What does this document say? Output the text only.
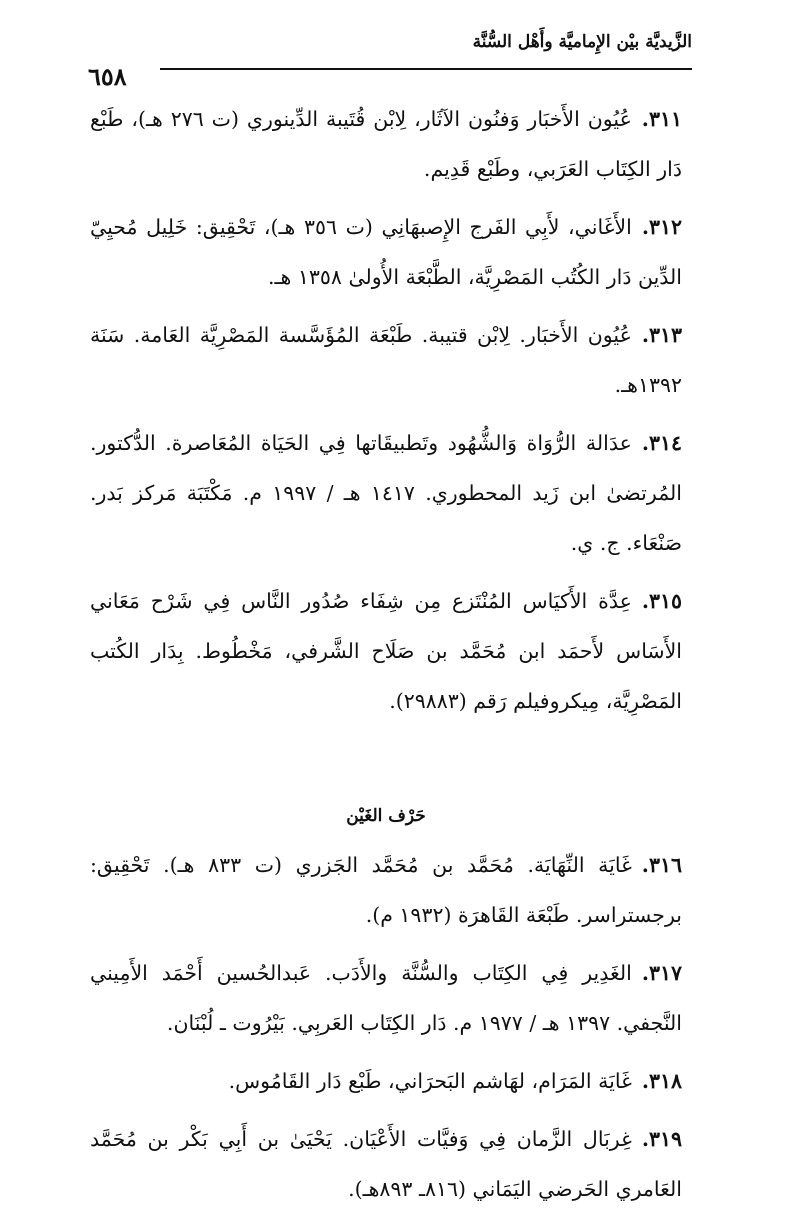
الزَّيديَّة بيْن الإِماميَّة وأَهْل السُّنَّة
٦٥٨

٣١١.عُيُون الأَخبَار وَفنُون الآثَار، لِابْن قُتَيبة الدِّينوري (ت ٢٧٦ هـ)، طَبْع دَار الكِتَاب العَرَبي، وطَبْع قَدِيم.

٣١٢.الأَغَاني، لأَبِي الفَرج الإِصبهَانِي (ت ٣٥٦ هـ)، تَحْقِيق: خَلِيل مُحيِيّ الدِّين دَار الكُتُب المَصْرِيَّة، الطَّبْعَة الأُولىٰ ١٣٥٨ هـ.

٣١٣.عُيُون الأَخبَار. لِابْن قتيبة. طَبْعَة المُؤَسَّسة المَصْرِيَّة العَامة. سَنَة ١٣٩٢هـ.

٣١٤.عدَالة الرُّوَاة وَالشُّهُود وتَطبيقَاتها فِي الحَيَاة المُعَاصرة. الدُّكتور. المُرتضىٰ ابن زَيد المحطوري. ١٤١٧ هـ / ١٩٩٧ م. مَكْتَبَة مَركز بَدر. صَنْعَاء. ج. ي.

٣١٥.عِدَّة الأَكيَاس المُنْتَزع مِن شِفَاء صُدُور النَّاس فِي شَرْح مَعَاني الأَسَاس لأَحمَد ابن مُحَمَّد بن صَلَاح الشَّرفي، مَخْطُوط. بِدَار الكُتب المَصْرِيَّة، مِيكروفيلم رَقم (٢٩٨٨٣).

حَرْف الغَيْن

٣١٦.غَايَة النِّهَايَة. مُحَمَّد بن مُحَمَّد الجَزري (ت ٨٣٣ هـ). تَحْقِيق: برجستراسر. طَبْعَة القَاهرَة (١٩٣٢ م).

٣١٧.الغَدِير فِي الكِتَاب والسُّنَّة والأَدَب. عَبدالحُسين أَحْمَد الأَمِيني النَّجفي. ١٣٩٧ هـ / ١٩٧٧ م. دَار الكِتَاب العَربِي. بَيْرُوت ـ لُبْنَان.

٣١٨.غَايَة المَرَام، لهَاشم البَحرَاني، طَبْع دَار القَامُوس.

٣١٩.غِربَال الزَّمان فِي وَفيَّات الأَعْيَان. يَحْيَىٰ بن أَبِي بَكْر بن مُحَمَّد العَامري الحَرضي اليَمَاني (٨١٦ـ ٨٩٣هـ).
